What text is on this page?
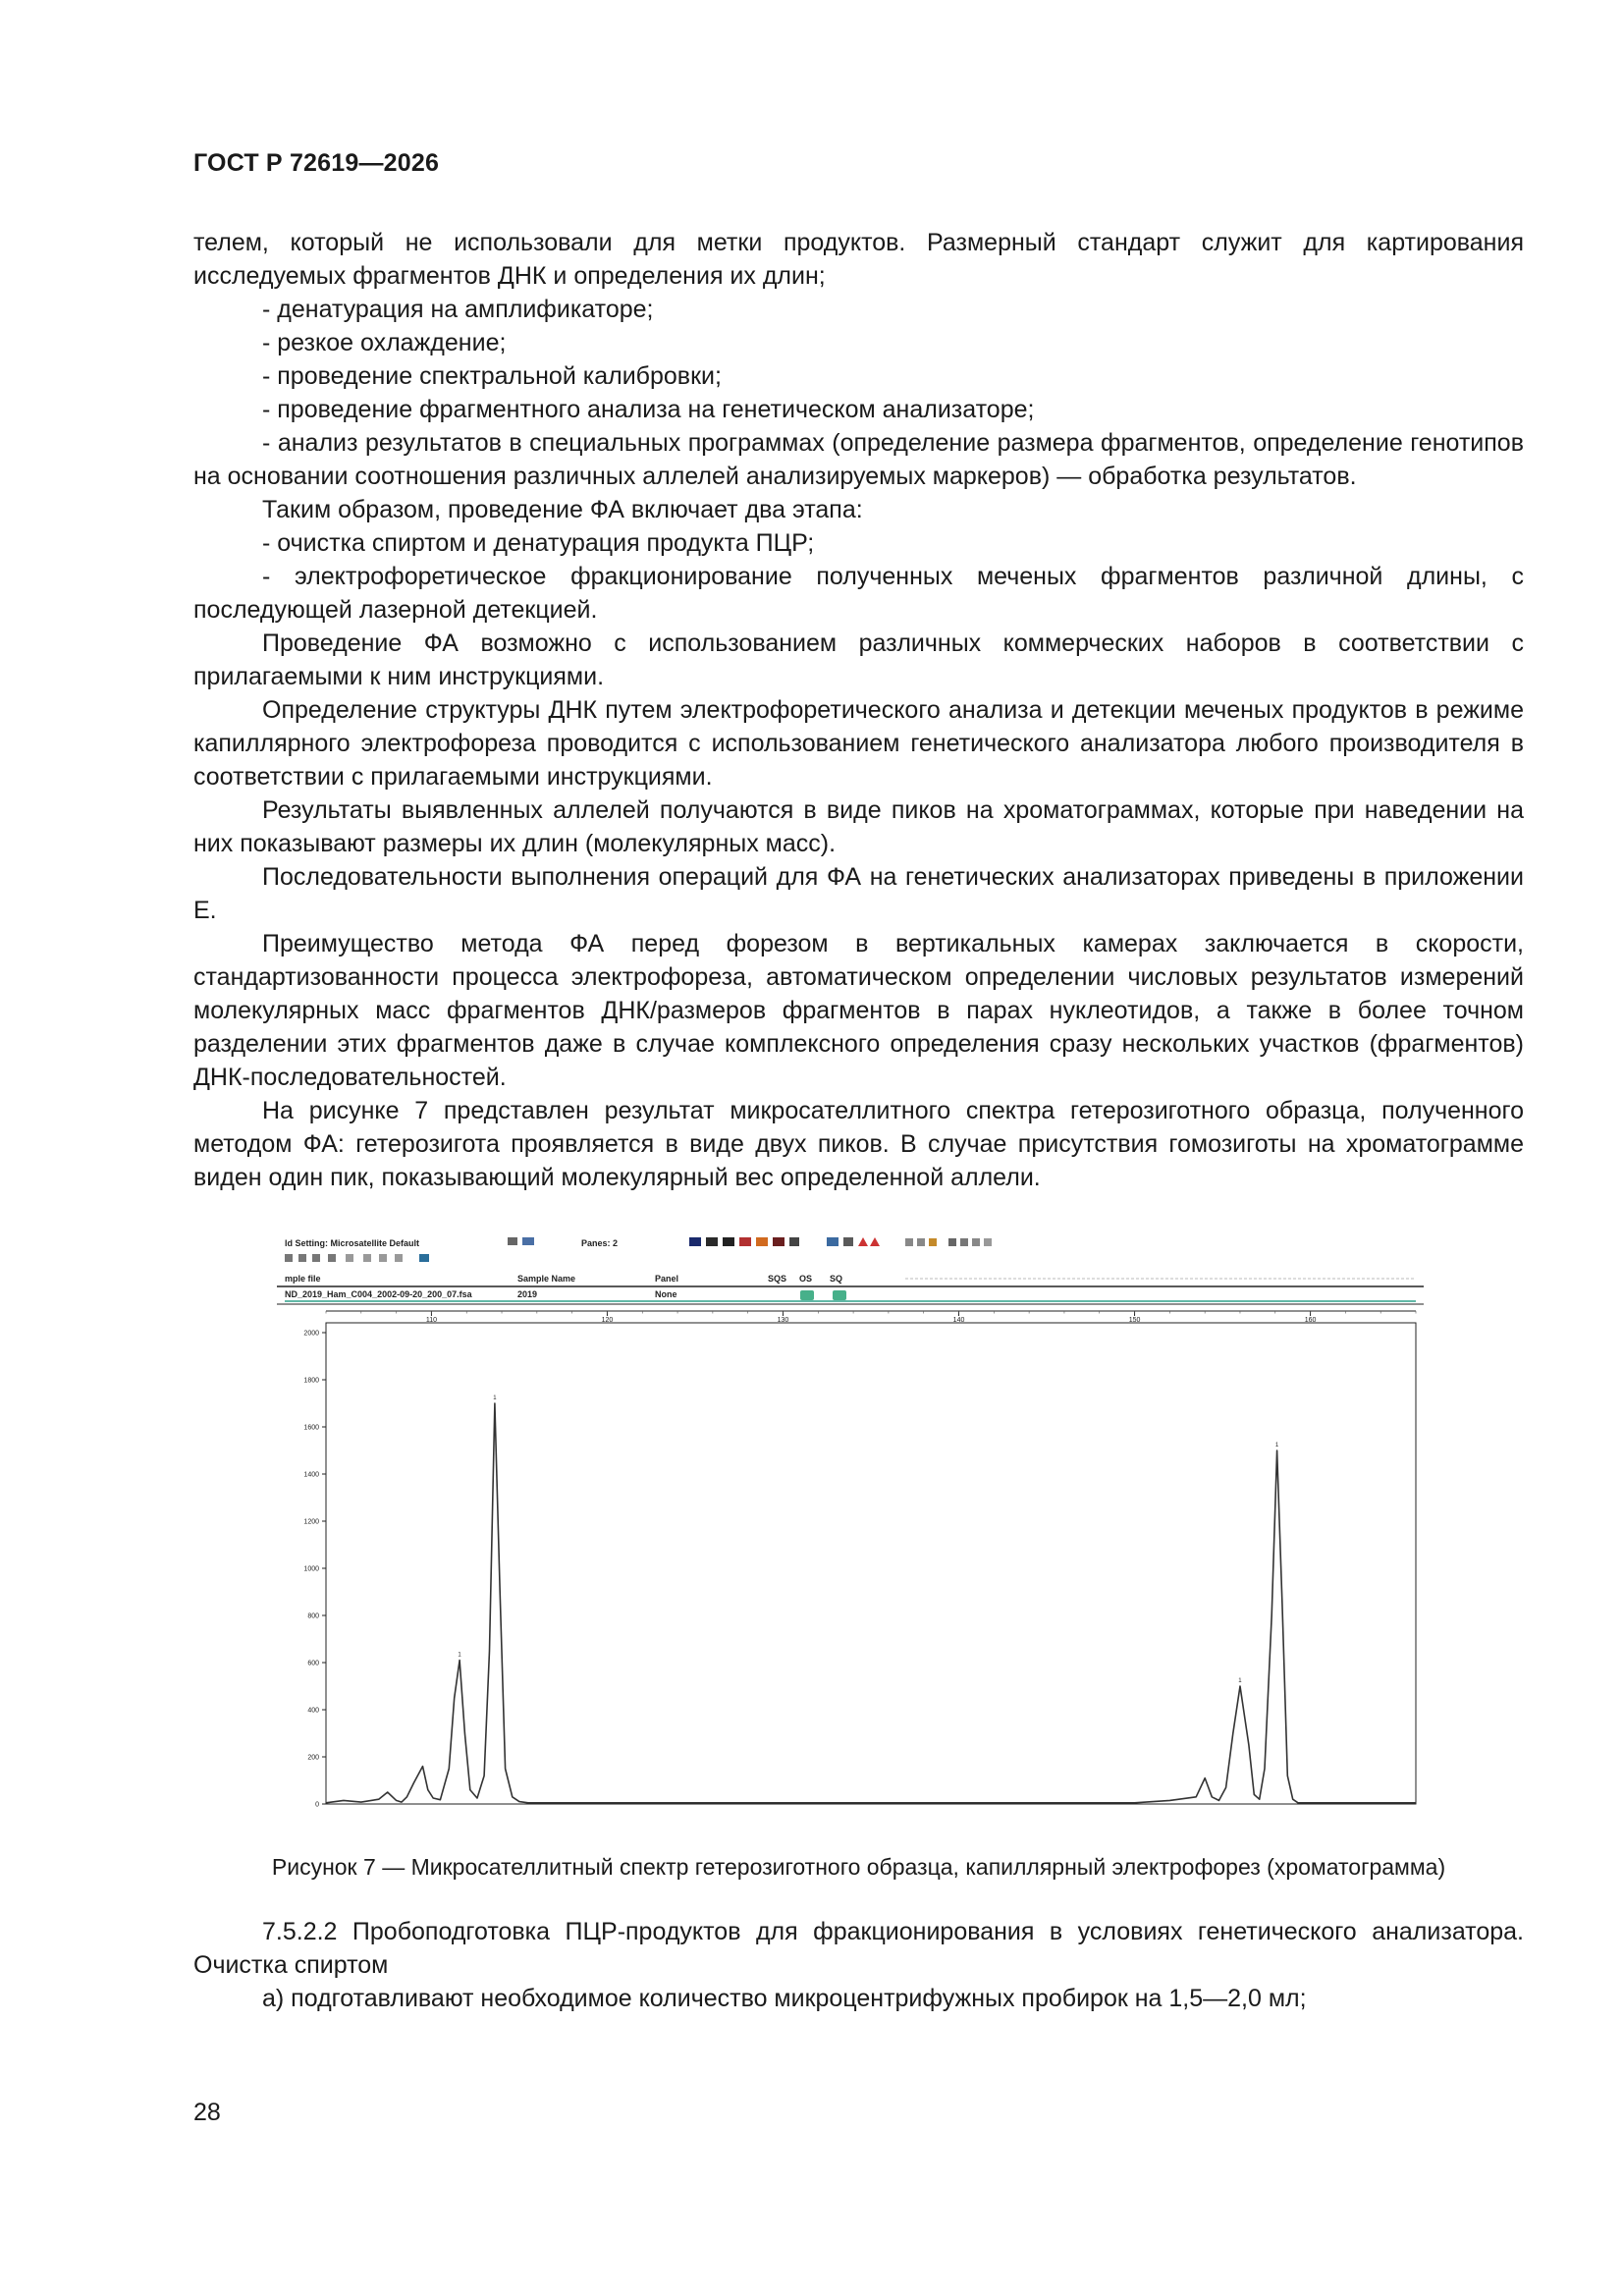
ГОСТ Р 72619—2026

телем, который не использовали для метки продуктов. Размерный стандарт служит для картирования исследуемых фрагментов ДНК и определения их длин;

- денатурация на амплификаторе;

- резкое охлаждение;

- проведение спектральной калибровки;

- проведение фрагментного анализа на генетическом анализаторе;

- анализ результатов в специальных программах (определение размера фрагментов, определение генотипов на основании соотношения различных аллелей анализируемых маркеров) — обработка результатов.

Таким образом, проведение ФА включает два этапа:

- очистка спиртом и денатурация продукта ПЦР;

- электрофоретическое фракционирование полученных меченых фрагментов различной длины, с последующей лазерной детекцией.

Проведение ФА возможно с использованием различных коммерческих наборов в соответствии с прилагаемыми к ним инструкциями.

Определение структуры ДНК путем электрофоретического анализа и детекции меченых продуктов в режиме капиллярного электрофореза проводится с использованием генетического анализатора любого производителя в соответствии с прилагаемыми инструкциями.

Результаты выявленных аллелей получаются в виде пиков на хроматограммах, которые при наведении на них показывают размеры их длин (молекулярных масс).

Последовательности выполнения операций для ФА на генетических анализаторах приведены в приложении Е.

Преимущество метода ФА перед форезом в вертикальных камерах заключается в скорости, стандартизованности процесса электрофореза, автоматическом определении числовых результатов измерений молекулярных масс фрагментов ДНК/размеров фрагментов в парах нуклеотидов, а также в более точном разделении этих фрагментов даже в случае комплексного определения сразу нескольких участков (фрагментов) ДНК-последовательностей.

На рисунке 7 представлен результат микросателлитного спектра гетерозиготного образца, полученного методом ФА: гетерозигота проявляется в виде двух пиков. В случае присутствия гомозиготы на хроматограмме виден один пик, показывающий молекулярный вес определенной аллели.

ld Setting: Microsatellite Default	Panes: 2
mple file	Sample Name	Panel	SQS OS SQ
ND_2019_Ham_C004_2002-09-20_200_07.fsa	2019	None
110	120	130	140	150	160
0
200
400
600
800
1000
1200
1400
1600
1800
2000
1
1
1
1
Рисунок 7 — Микросателлитный спектр гетерозиготного образца, капиллярный электрофорез (хроматограмма)

7.5.2.2 Пробоподготовка ПЦР-продуктов для фракционирования в условиях генетического анализатора. Очистка спиртом

а) подготавливают необходимое количество микроцентрифужных пробирок на 1,5—2,0 мл;

28
